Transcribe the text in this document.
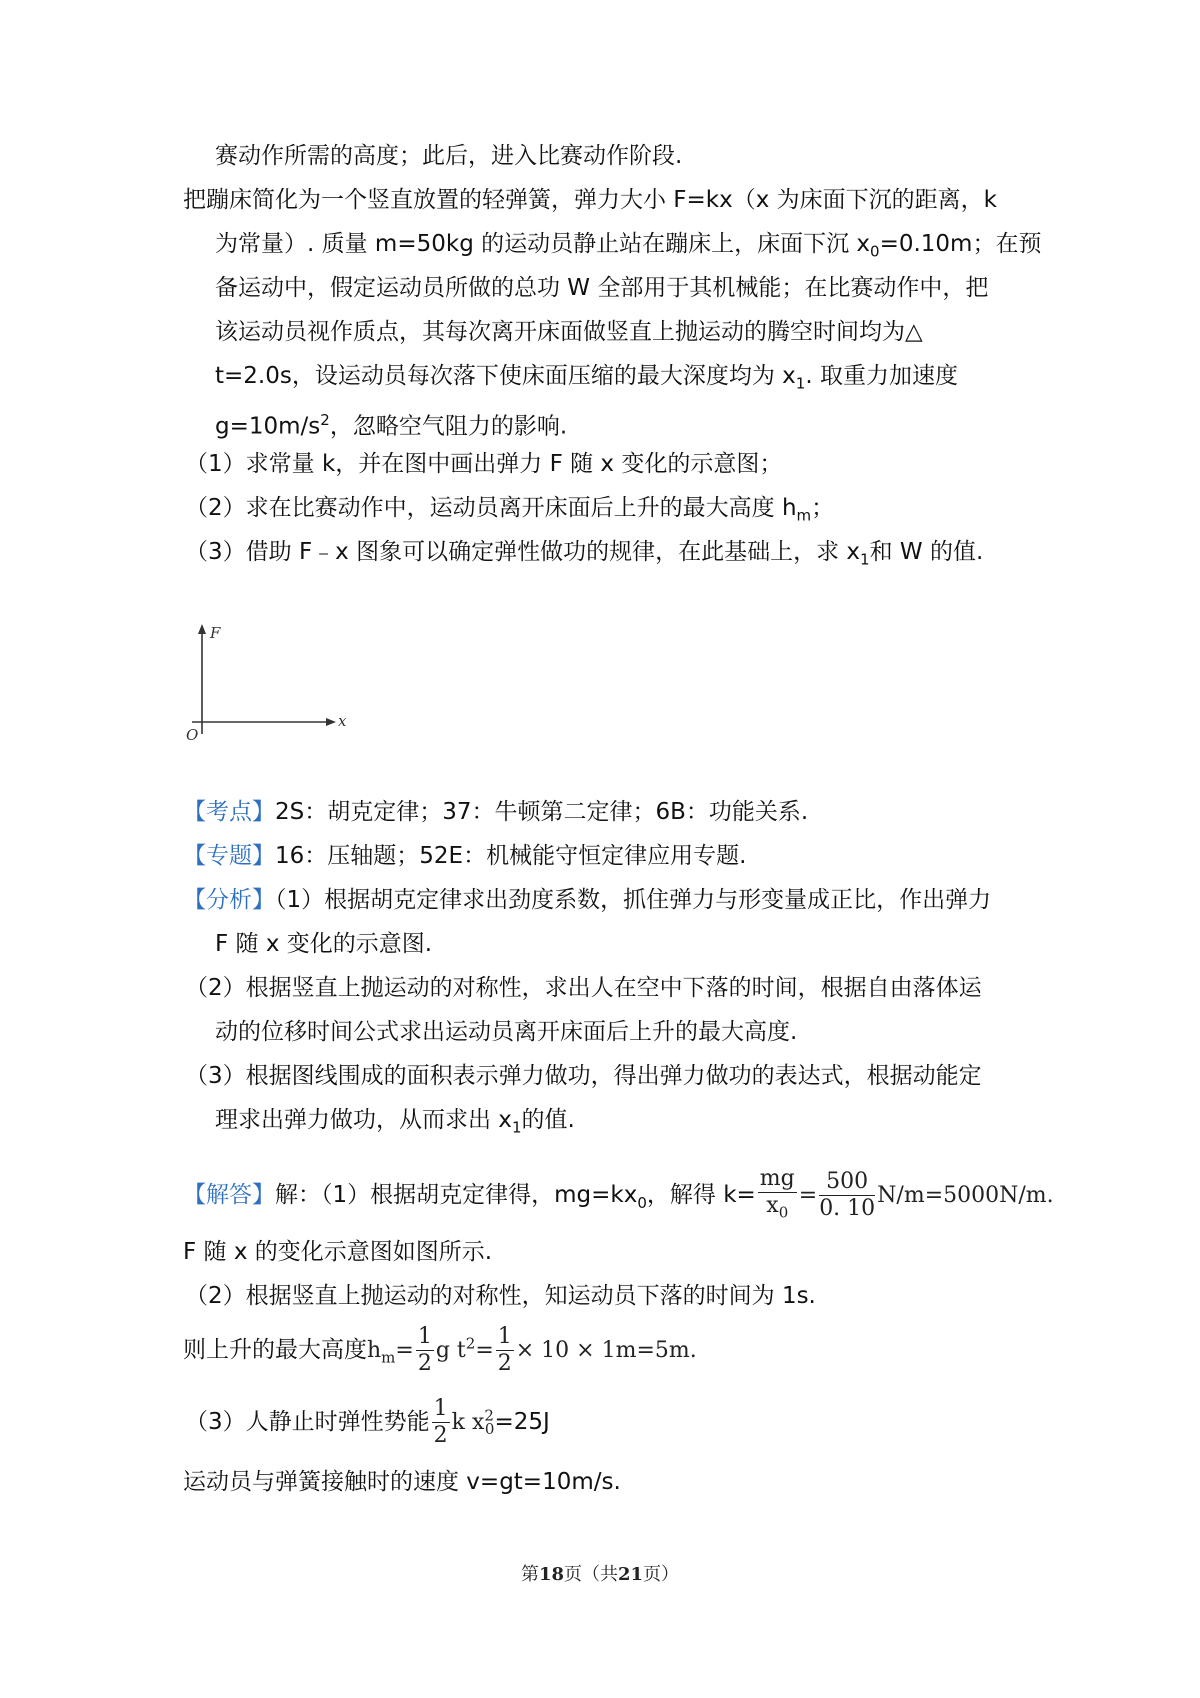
赛动作所需的高度；此后，进入比赛动作阶段.
把蹦床简化为一个竖直放置的轻弹簧，弹力大小 F=kx（x 为床面下沉的距离，k
为常量）. 质量 m=50kg 的运动员静止站在蹦床上，床面下沉 $x_0=0.10m$；在预
备运动中，假定运动员所做的总功 W 全部用于其机械能；在比赛动作中，把
该运动员视作质点，其每次离开床面做竖直上抛运动的腾空时间均为△
t=2.0s，设运动员每次落下使床面压缩的最大深度均为 $x_1$. 取重力加速度
$g=10m/s^2$，忽略空气阻力的影响.
（1）求常量 k，并在图中画出弹力 F 随 x 变化的示意图；
（2）求在比赛动作中，运动员离开床面后上升的最大高度 $h_m$；
（3）借助 F﹣x 图象可以确定弹性做功的规律，在此基础上，求 $x_1$和 W 的值.
F
x
O
【考点】2S：胡克定律；37：牛顿第二定律；6B：功能关系.
【专题】16：压轴题；52E：机械能守恒定律应用专题.
【分析】（1）根据胡克定律求出劲度系数，抓住弹力与形变量成正比，作出弹力
F 随 x 变化的示意图.
（2）根据竖直上抛运动的对称性，求出人在空中下落的时间，根据自由落体运
动的位移时间公式求出运动员离开床面后上升的最大高度.
（3）根据图线围成的面积表示弹力做功，得出弹力做功的表达式，根据动能定
理求出弹力做功，从而求出 $x_1$的值.
【解答】解：（1）根据胡克定律得，$mg=kx_0$，解得 $k= \frac{mg}{x_0} = \frac{500}{0. 10} N/m=5000N/m$.
F 随 x 的变化示意图如图所示.
（2）根据竖直上抛运动的对称性，知运动员下落的时间为 1s.
则上升的最大高度$h_m= \frac{1}{2}$ g $t^2= \frac{1}{2} \times 10 \times 1m=5m$.
（3）人静止时弹性势能 $\frac{1}{2}$ k $x^2_0=25J$
运动员与弹簧接触时的速度 v=gt=10m/s.
第18页（共21页）
